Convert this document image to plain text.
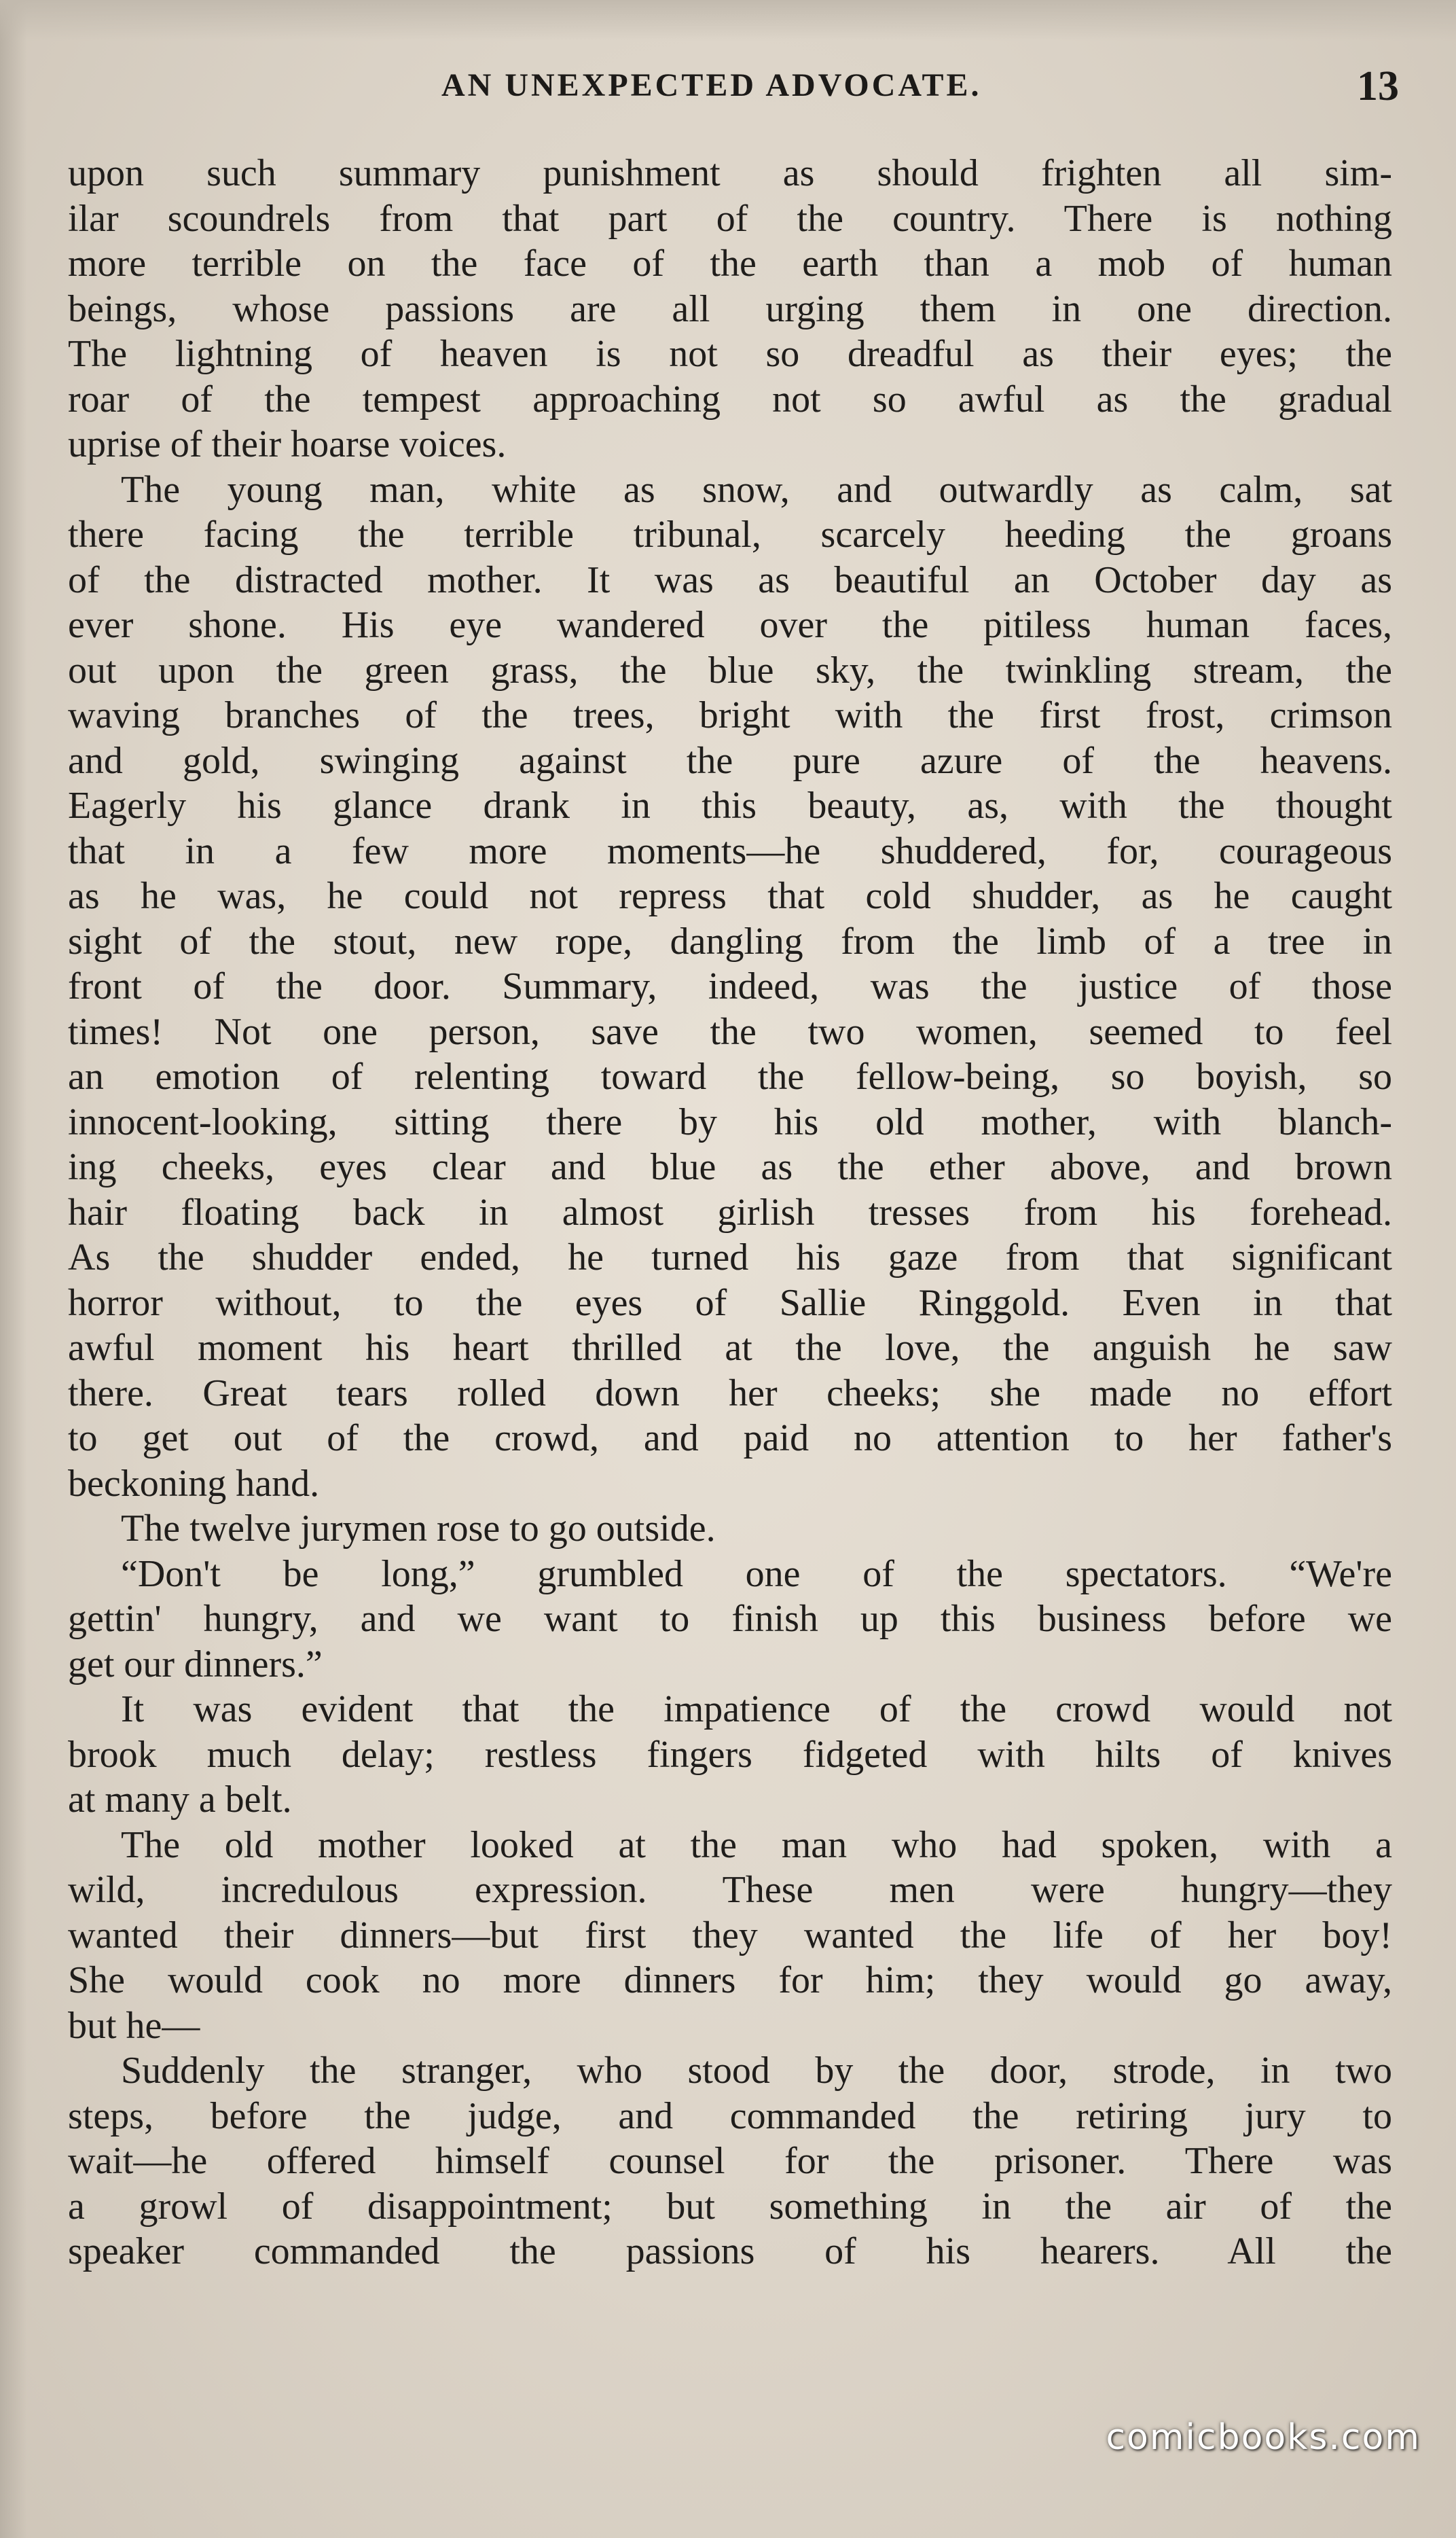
AN UNEXPECTED ADVOCATE.	13
upon such summary punishment as should frighten all sim-
ilar scoundrels from that part of the country. There is nothing
more terrible on the face of the earth than a mob of human
beings, whose passions are all urging them in one direction.
The lightning of heaven is not so dreadful as their eyes; the
roar of the tempest approaching not so awful as the gradual
uprise of their hoarse voices.
The young man, white as snow, and outwardly as calm, sat
there facing the terrible tribunal, scarcely heeding the groans
of the distracted mother. It was as beautiful an October day as
ever shone. His eye wandered over the pitiless human faces,
out upon the green grass, the blue sky, the twinkling stream, the
waving branches of the trees, bright with the first frost, crimson
and gold, swinging against the pure azure of the heavens.
Eagerly his glance drank in this beauty, as, with the thought
that in a few more moments—he shuddered, for, courageous
as he was, he could not repress that cold shudder, as he caught
sight of the stout, new rope, dangling from the limb of a tree in
front of the door. Summary, indeed, was the justice of those
times! Not one person, save the two women, seemed to feel
an emotion of relenting toward the fellow-being, so boyish, so
innocent-looking, sitting there by his old mother, with blanch-
ing cheeks, eyes clear and blue as the ether above, and brown
hair floating back in almost girlish tresses from his forehead.
As the shudder ended, he turned his gaze from that significant
horror without, to the eyes of Sallie Ringgold. Even in that
awful moment his heart thrilled at the love, the anguish he saw
there. Great tears rolled down her cheeks; she made no effort
to get out of the crowd, and paid no attention to her father's
beckoning hand.
The twelve jurymen rose to go outside.
“Don't be long,” grumbled one of the spectators. “We're
gettin' hungry, and we want to finish up this business before we
get our dinners.”
It was evident that the impatience of the crowd would not
brook much delay; restless fingers fidgeted with hilts of knives
at many a belt.
The old mother looked at the man who had spoken, with a
wild, incredulous expression. These men were hungry—they
wanted their dinners—but first they wanted the life of her boy!
She would cook no more dinners for him; they would go away,
but he—
Suddenly the stranger, who stood by the door, strode, in two
steps, before the judge, and commanded the retiring jury to
wait—he offered himself counsel for the prisoner. There was
a growl of disappointment; but something in the air of the
speaker commanded the passions of his hearers. All the
comicbooks.com
